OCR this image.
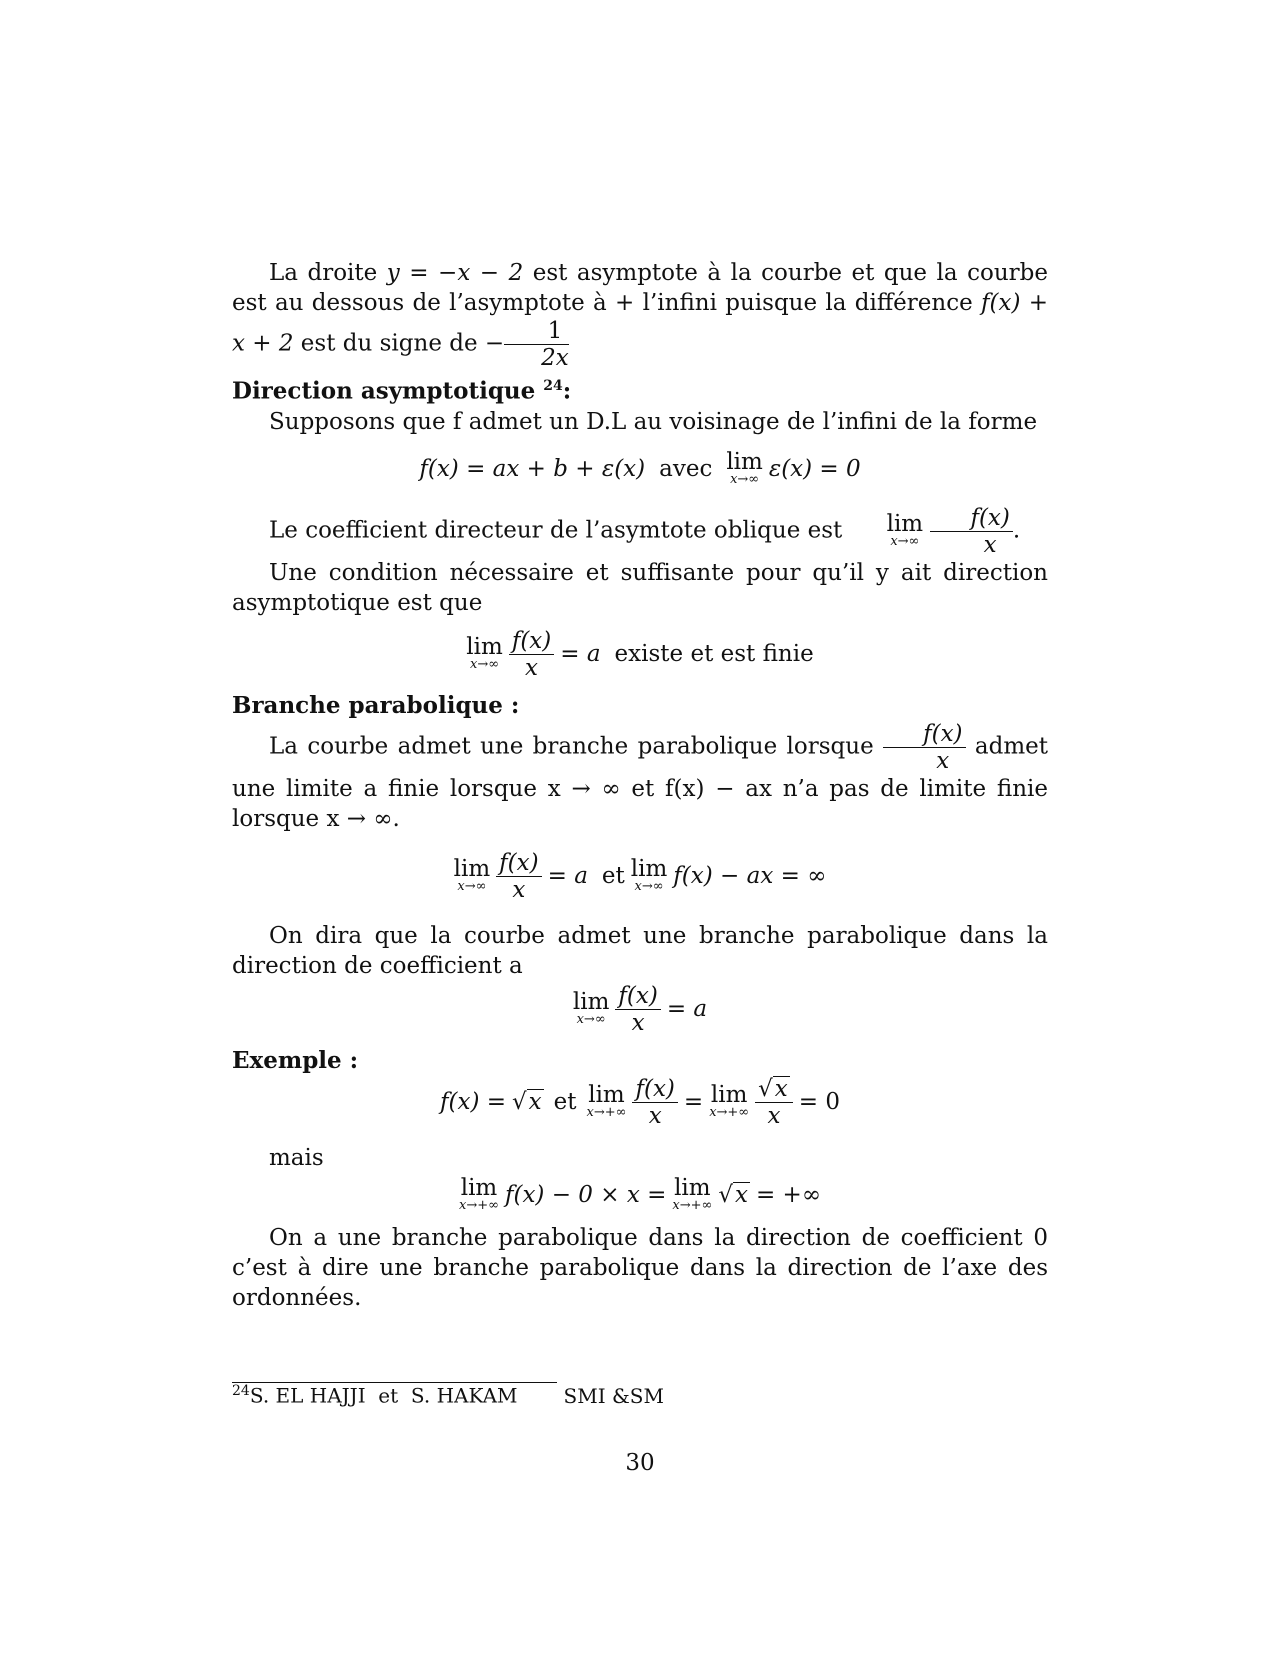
La droite y = −x − 2 est asymptote à la courbe et que la courbe est au dessous de l’asymptote à + l’infini puisque la différence f(x) + x + 2 est du signe de − $\frac{1}{2x}$

Direction asymptotique $^{24}$:

Supposons que f admet un D.L au voisinage de l’infini de la forme

f(x) = ax + b + ε(x) avec lim
x→∞ ε(x) = 0

Le coefficient directeur de l’asymtote oblique est lim
x→∞
$\frac{f(x)}{x}$ .

Une condition nécessaire et suffisante pour qu’il y ait direction asymptotique est que

lim
$x\to\infty \frac{f(x)}{x} = a$ existe et est finie

Branche parabolique :

La courbe admet une branche parabolique lorsque $\frac{f(x)}{x}$ admet une limite a finie lorsque x → ∞ et f(x) − ax n’a pas de limite finie lorsque x → ∞.

lim
$x\to\infty \frac{f(x)}{x} = a$ et lim
x→∞ f(x) − ax = ∞

On dira que la courbe admet une branche parabolique dans la direction de coefficient a

lim
$x\to\infty \frac{f(x)}{x} = a$

Exemple :

f(x) = √x et lim
$x\to+\infty \frac{f(x)}{x} = \lim$
$x\to+\infty \frac{√x}{x} = 0$

mais

lim
x→+∞ f(x) − 0 × x = lim
x→+∞ √x = +∞

On a une branche parabolique dans la direction de coefficient 0 c’est à dire une branche parabolique dans la direction de l’axe des ordonnées.

$^{24}$S. EL HAJJI  et  S. HAKAM SMI &SM
30
